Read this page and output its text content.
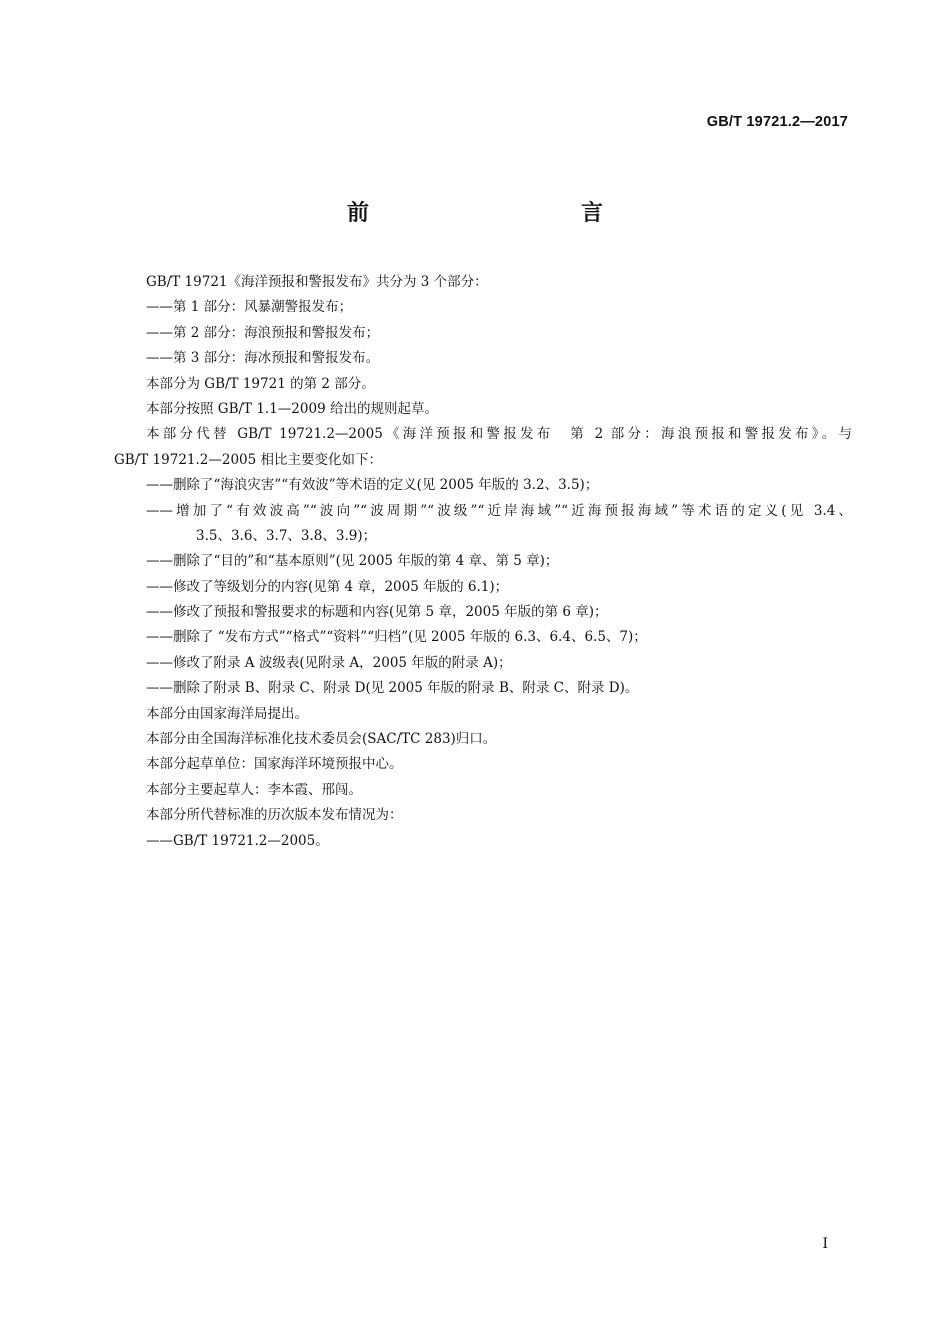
GB/T 19721.2—2017
前　　言
GB/T 19721《海洋预报和警报发布》共分为 3 个部分：
——第 1 部分：风暴潮警报发布；
——第 2 部分：海浪预报和警报发布；
——第 3 部分：海冰预报和警报发布。
本部分为 GB/T 19721 的第 2 部分。
本部分按照 GB/T 1.1—2009 给出的规则起草。
本部分代替 GB/T 19721.2—2005《海洋预报和警报发布　第 2 部分：海浪预报和警报发布》。与
GB/T 19721.2—2005 相比主要变化如下：
——删除了“海浪灾害”“有效波”等术语的定义(见 2005 年版的 3.2、3.5)；
——增加了“有效波高”“波向”“波周期”“波级”“近岸海域”“近海预报海域”等术语的定义(见 3.4、
3.5、3.6、3.7、3.8、3.9)；
——删除了“目的”和“基本原则”(见 2005 年版的第 4 章、第 5 章)；
——修改了等级划分的内容(见第 4 章，2005 年版的 6.1)；
——修改了预报和警报要求的标题和内容(见第 5 章，2005 年版的第 6 章)；
——删除了 “发布方式”“格式”“资料”“归档”(见 2005 年版的 6.3、6.4、6.5、7)；
——修改了附录 A 波级表(见附录 A，2005 年版的附录 A)；
——删除了附录 B、附录 C、附录 D(见 2005 年版的附录 B、附录 C、附录 D)。
本部分由国家海洋局提出。
本部分由全国海洋标准化技术委员会(SAC/TC 283)归口。
本部分起草单位：国家海洋环境预报中心。
本部分主要起草人：李本霞、邢闯。
本部分所代替标准的历次版本发布情况为：
——GB/T 19721.2—2005。
I
